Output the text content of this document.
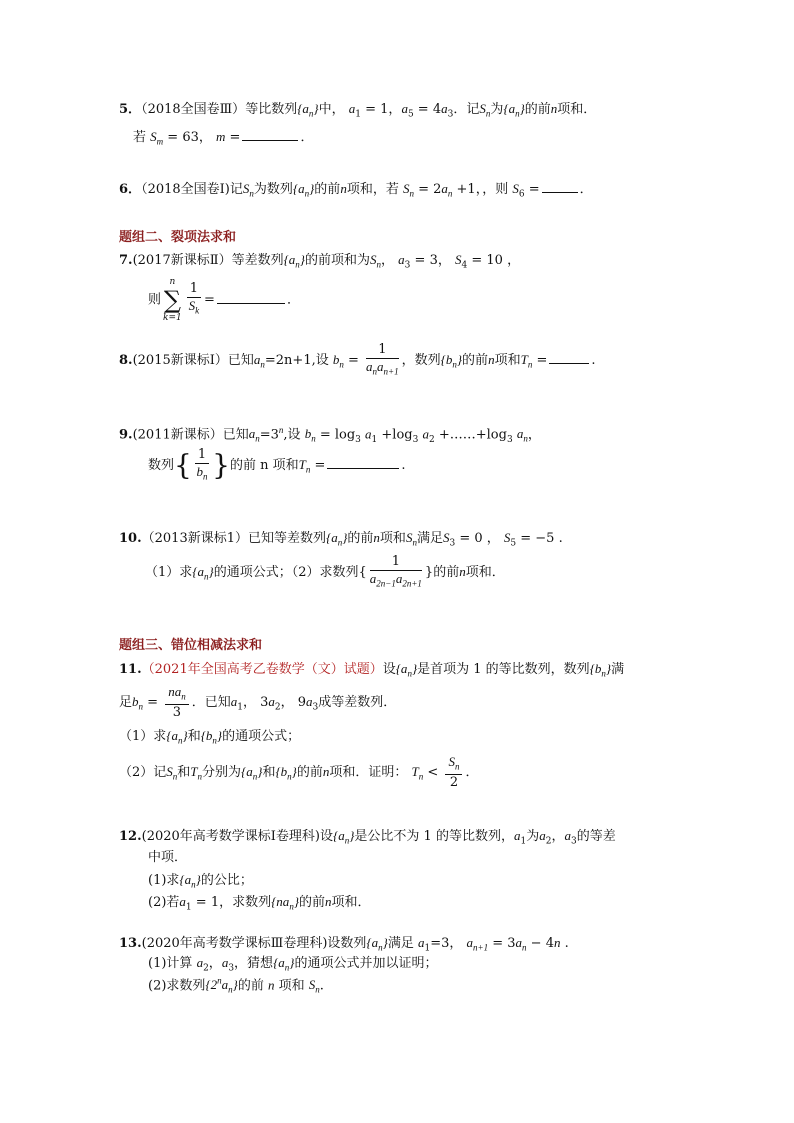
5．（2018全国卷Ⅲ）等比数列$\{a_n\}$中， $a_1 = 1$，$a_5 = 4a_3$．记$S_n$为$\{a_n\}$的前n项和．
若 $S_m = 63$， m =	．
6．（2018全国卷Ⅰ)记$S_n$为数列$\{a_n\}$的前n项和，若 $S_n = 2a_n +1$，，则 $S_6$ =	．
题组二、裂项法求和
7.(2017新课标Ⅱ）等差数列$\{a_n\}$的前项和为$S_n$， $a_3 = 3$， $S_4 = 10$ ，
则
n
∑
$k=1 \frac{1}{S_k}$ =	．
8.(2015新课标Ⅰ）已知$a_n=2n+1$,设 $b_n = \frac{1}{a_na_{n+1}}$ ，数列$\{b_n\}$的前n项和$T_n$ =	.
9.(2011新课标）已知$a_n=3^n$,设 $b_n = \log_3 a_1 +\log_3$ $a_2$ $+\dots\dots+\log_3$ $a_n$，
数列{ $\frac{1}{b_n}$ }的前 n 项和$T_n$ =	.
10.（2013新课标1）已知等差数列$\{a_n\}$的前n项和$S_n$满足$S_3 = 0$ ， $S_5 = -5$ .
（1）求$\{a_n\}$的通项公式；（2）求数列{ $\frac{1}{a_{2n-1}a_{2n+1}}$ }的前n项和．
题组三、错位相减法求和
11.（2021年全国高考乙卷数学（文）试题）设$\{a_n\}$是首项为 1 的等比数列，数列$\{b_n\}$满
足$b_n = \frac{na_n}{3}$ ．已知$a_1$， $3a_2$， $9a_3$成等差数列．
（1）求$\{a_n\}$和$\{b_n\}$的通项公式；
（2）记$S_n$和$T_n$分别为$\{a_n\}$和$\{b_n\}$的前n项和．证明： $T_n < \frac{S_n}{2}$ ．
12.(2020年高考数学课标Ⅰ卷理科)设$\{a_n\}$是公比不为 1 的等比数列，$a_1$为$a_2$，$a_3$的等差
中项．
(1)求$\{a_n\}$的公比；
(2)若$a_1 = 1$，求数列$\{na_n\}$的前n项和．
13.(2020年高考数学课标Ⅲ卷理科)设数列$\{a_n\}$满足 $a_1=3$， $a_{n+1} = 3a_n - 4n$ .
(1)计算 $a_2$，$a_3$，猜想$\{a_n\}$的通项公式并加以证明；
(2)求数列$\{2^na_n\}$的前 n 项和 $S_n$.
